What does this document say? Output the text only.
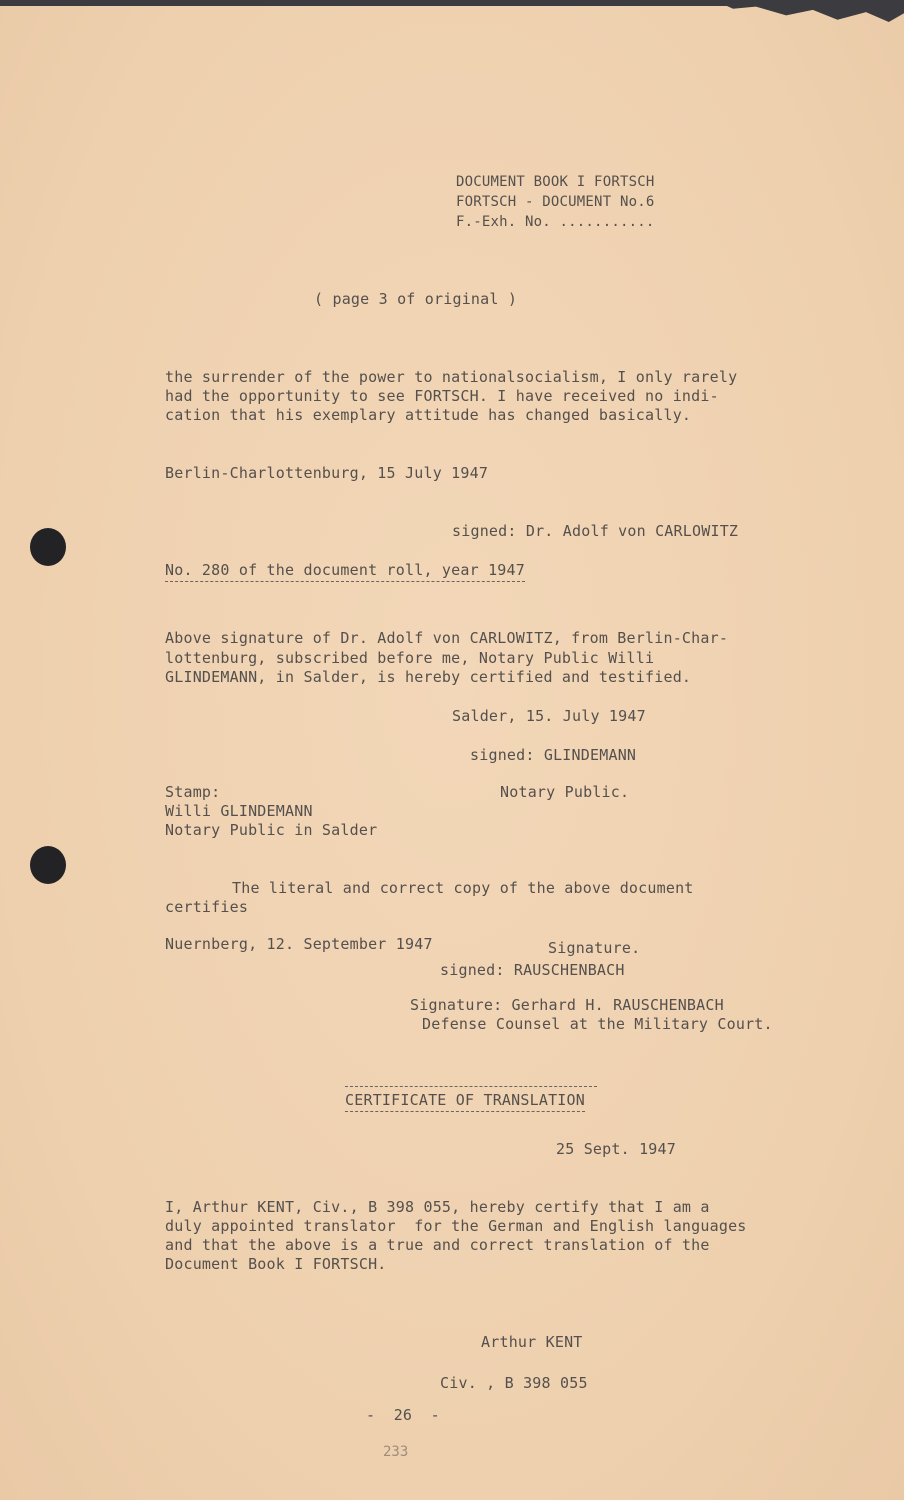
DOCUMENT BOOK I FORTSCH
FORTSCH - DOCUMENT No.6
F.-Exh. No. ...........
( page 3 of original )
the surrender of the power to nationalsocialism, I only rarely
had the opportunity to see FORTSCH. I have received no indi-
cation that his exemplary attitude has changed basically.
Berlin-Charlottenburg, 15 July 1947
signed: Dr. Adolf von CARLOWITZ
No. 280 of the document roll, year 1947
Above signature of Dr. Adolf von CARLOWITZ, from Berlin-Char-
lottenburg, subscribed before me, Notary Public Willi
GLINDEMANN, in Salder, is hereby certified and testified.
Salder, 15. July 1947
signed: GLINDEMANN
Stamp:
Willi GLINDEMANN
Notary Public in Salder
Notary Public.
The literal and correct copy of the above document
certifies
Nuernberg, 12. September 1947	Signature.
signed: RAUSCHENBACH
Signature: Gerhard H. RAUSCHENBACH
Defense Counsel at the Military Court.
CERTIFICATE OF TRANSLATION
25 Sept. 1947
I, Arthur KENT, Civ., B 398 055, hereby certify that I am a
duly appointed translator  for the German and English languages
and that the above is a true and correct translation of the
Document Book I FORTSCH.
Arthur KENT
Civ. , B 398 055
-  26  -
233
